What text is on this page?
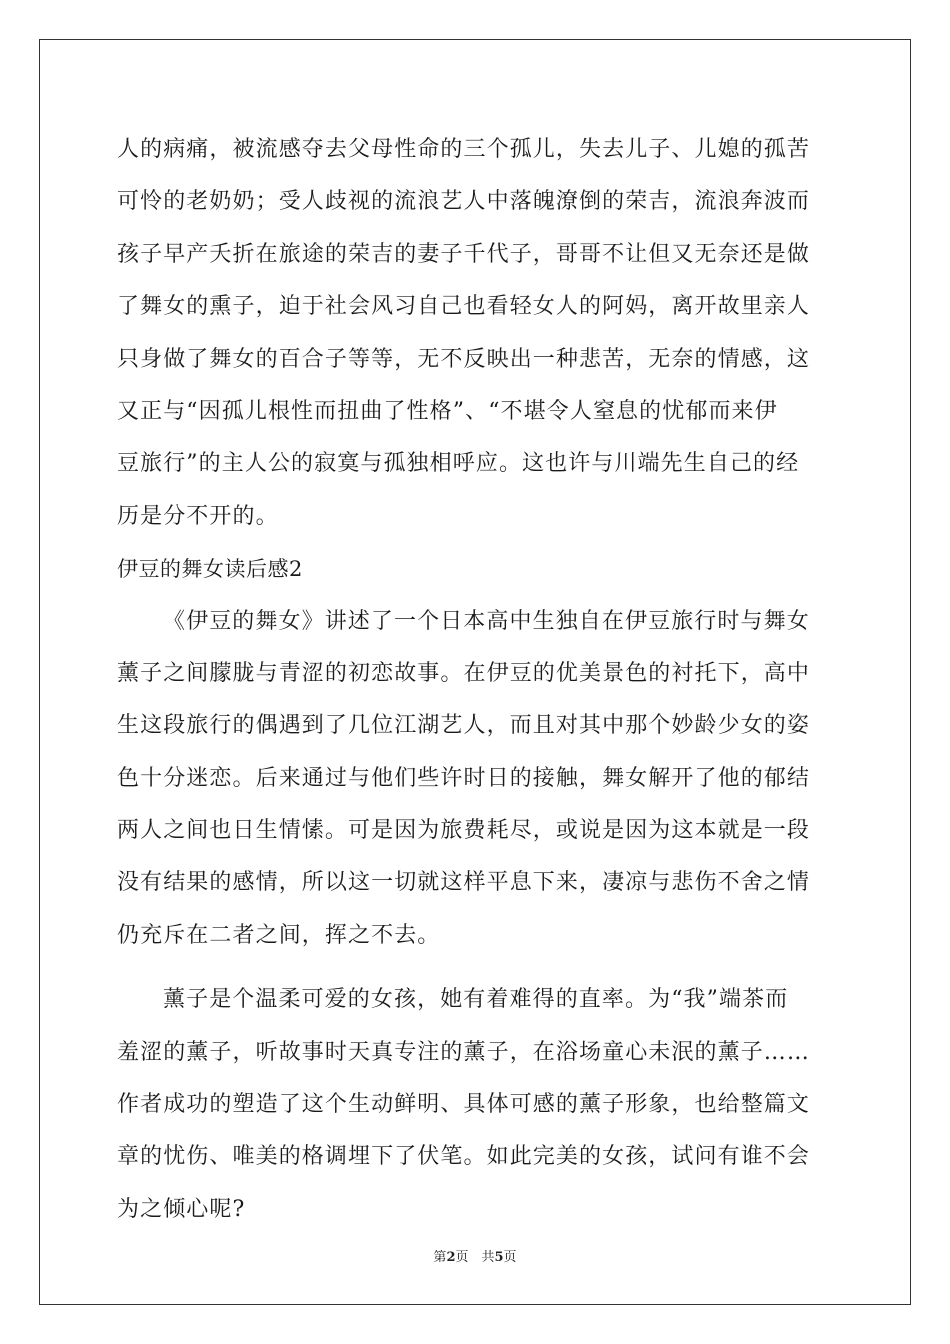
人的病痛，被流感夺去父母性命的三个孤儿，失去儿子、儿媳的孤苦
可怜的老奶奶；受人歧视的流浪艺人中落魄潦倒的荣吉，流浪奔波而
孩子早产夭折在旅途的荣吉的妻子千代子，哥哥不让但又无奈还是做
了舞女的熏子，迫于社会风习自己也看轻女人的阿妈，离开故里亲人
只身做了舞女的百合子等等，无不反映出一种悲苦，无奈的情感，这
又正与“因孤儿根性而扭曲了性格”、“不堪令人窒息的忧郁而来伊
豆旅行”的主人公的寂寞与孤独相呼应。这也许与川端先生自己的经
历是分不开的。
伊豆的舞女读后感2
《伊豆的舞女》讲述了一个日本高中生独自在伊豆旅行时与舞女
薰子之间朦胧与青涩的初恋故事。在伊豆的优美景色的衬托下，高中
生这段旅行的偶遇到了几位江湖艺人，而且对其中那个妙龄少女的姿
色十分迷恋。后来通过与他们些许时日的接触，舞女解开了他的郁结
两人之间也日生情愫。可是因为旅费耗尽，或说是因为这本就是一段
没有结果的感情，所以这一切就这样平息下来，凄凉与悲伤不舍之情
仍充斥在二者之间，挥之不去。
薰子是个温柔可爱的女孩，她有着难得的直率。为“我”端茶而
羞涩的薰子，听故事时天真专注的薰子，在浴场童心未泯的薰子……
作者成功的塑造了这个生动鲜明、具体可感的薰子形象，也给整篇文
章的忧伤、唯美的格调埋下了伏笔。如此完美的女孩，试问有谁不会
为之倾心呢?
第2页　共5页
